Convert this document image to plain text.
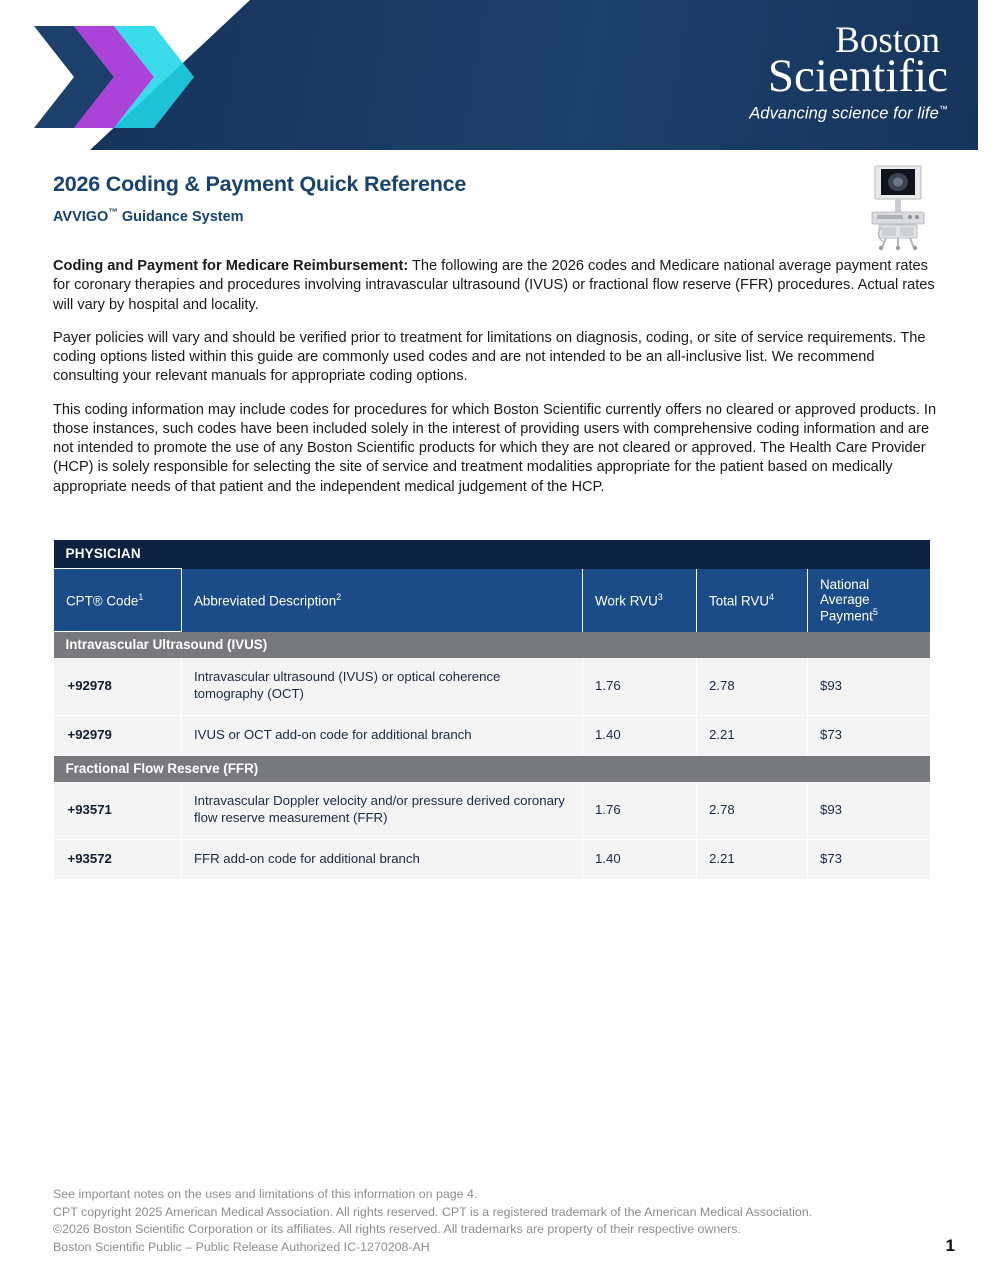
Boston
Scientific
Advancing science for life™
2026 Coding & Payment Quick Reference
AVVIGO™ Guidance System

Coding and Payment for Medicare Reimbursement: The following are the 2026 codes and Medicare national average payment rates for coronary therapies and procedures involving intravascular ultrasound (IVUS) or fractional flow reserve (FFR) procedures. Actual rates will vary by hospital and locality.

Payer policies will vary and should be verified prior to treatment for limitations on diagnosis, coding, or site of service requirements. The coding options listed within this guide are commonly used codes and are not intended to be an all-inclusive list. We recommend consulting your relevant manuals for appropriate coding options.

This coding information may include codes for procedures for which Boston Scientific currently offers no cleared or approved products. In those instances, such codes have been included solely in the interest of providing users with comprehensive coding information and are not intended to promote the use of any Boston Scientific products for which they are not cleared or approved. The Health Care Provider (HCP) is solely responsible for selecting the site of service and treatment modalities appropriate for the patient based on medically appropriate needs of that patient and the independent medical judgement of the HCP.

PHYSICIAN				
CPT® Code$^1$	Abbreviated Description$^2$	Work RVU$^3$	Total RVU$^4$	National Average Payment$^5$
Intravascular Ultrasound (IVUS)				
+92978	Intravascular ultrasound (IVUS) or optical coherence tomography (OCT)	1.76	2.78	$93
+92979	IVUS or OCT add-on code for additional branch	1.40	2.21	$73
Fractional Flow Reserve (FFR)				
+93571	Intravascular Doppler velocity and/or pressure derived coronary flow reserve measurement (FFR)	1.76	2.78	$93
+93572	FFR add-on code for additional branch	1.40	2.21	$73
See important notes on the uses and limitations of this information on page 4.
CPT copyright 2025 American Medical Association. All rights reserved. CPT is a registered trademark of the American Medical Association.
©2026 Boston Scientific Corporation or its affiliates. All rights reserved. All trademarks are property of their respective owners.
Boston Scientific Public – Public Release Authorized IC-1270208-AH	1
